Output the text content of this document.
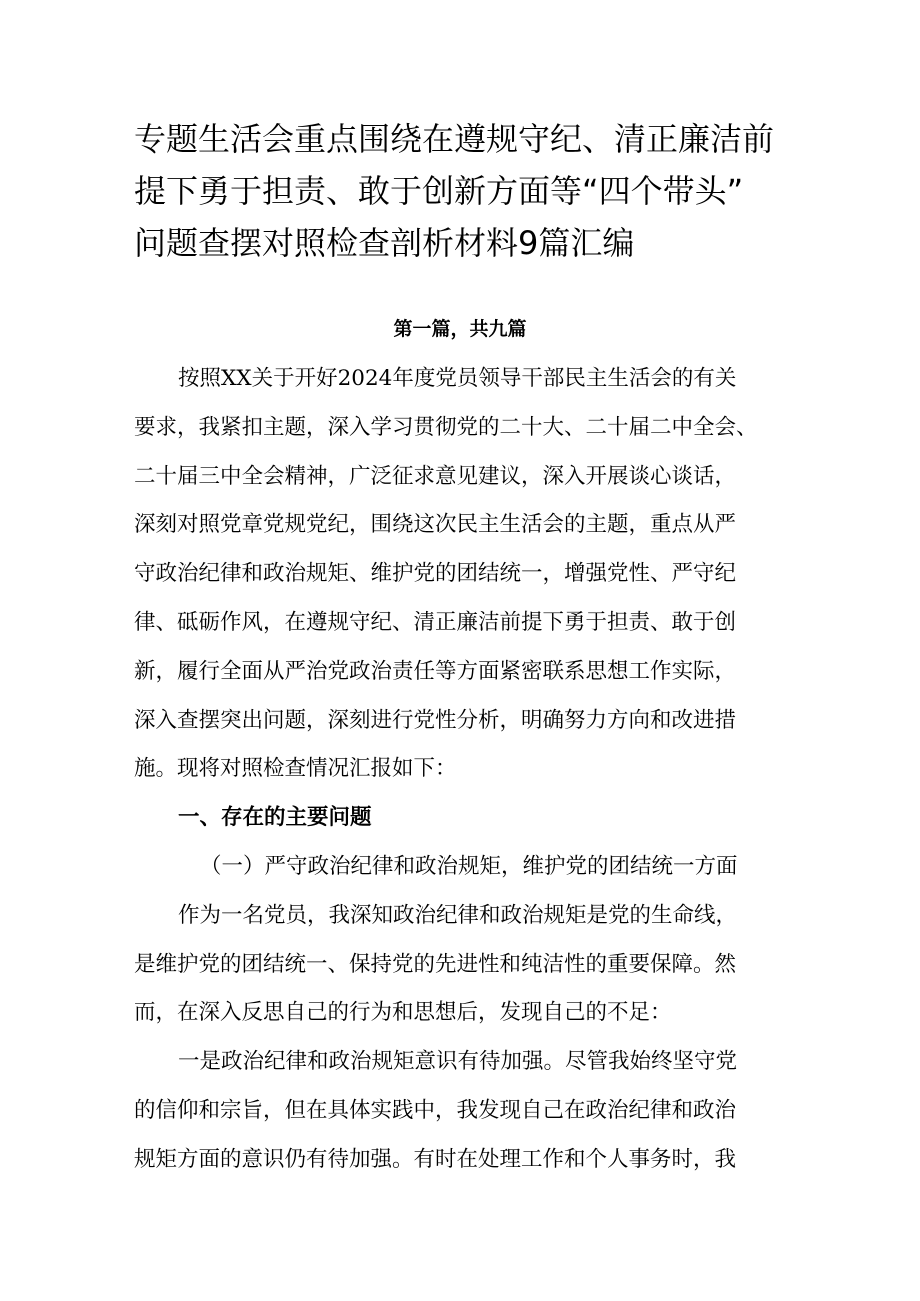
专题生活会重点围绕在遵规守纪、清正廉洁前
提下勇于担责、敢于创新方面等“四个带头”
问题查摆对照检查剖析材料9篇汇编

第一篇，共九篇

按照XX关于开好2024年度党员领导干部民主生活会的有关
要求，我紧扣主题，深入学习贯彻党的二十大、二十届二中全会、
二十届三中全会精神，广泛征求意见建议，深入开展谈心谈话，
深刻对照党章党规党纪，围绕这次民主生活会的主题，重点从严
守政治纪律和政治规矩、维护党的团结统一，增强党性、严守纪
律、砥砺作风，在遵规守纪、清正廉洁前提下勇于担责、敢于创
新，履行全面从严治党政治责任等方面紧密联系思想工作实际，
深入查摆突出问题，深刻进行党性分析，明确努力方向和改进措
施。现将对照检查情况汇报如下：
一、存在的主要问题
（一）严守政治纪律和政治规矩，维护党的团结统一方面
作为一名党员，我深知政治纪律和政治规矩是党的生命线，
是维护党的团结统一、保持党的先进性和纯洁性的重要保障。然
而，在深入反思自己的行为和思想后，发现自己的不足：
一是政治纪律和政治规矩意识有待加强。尽管我始终坚守党
的信仰和宗旨，但在具体实践中，我发现自己在政治纪律和政治
规矩方面的意识仍有待加强。有时在处理工作和个人事务时，我
